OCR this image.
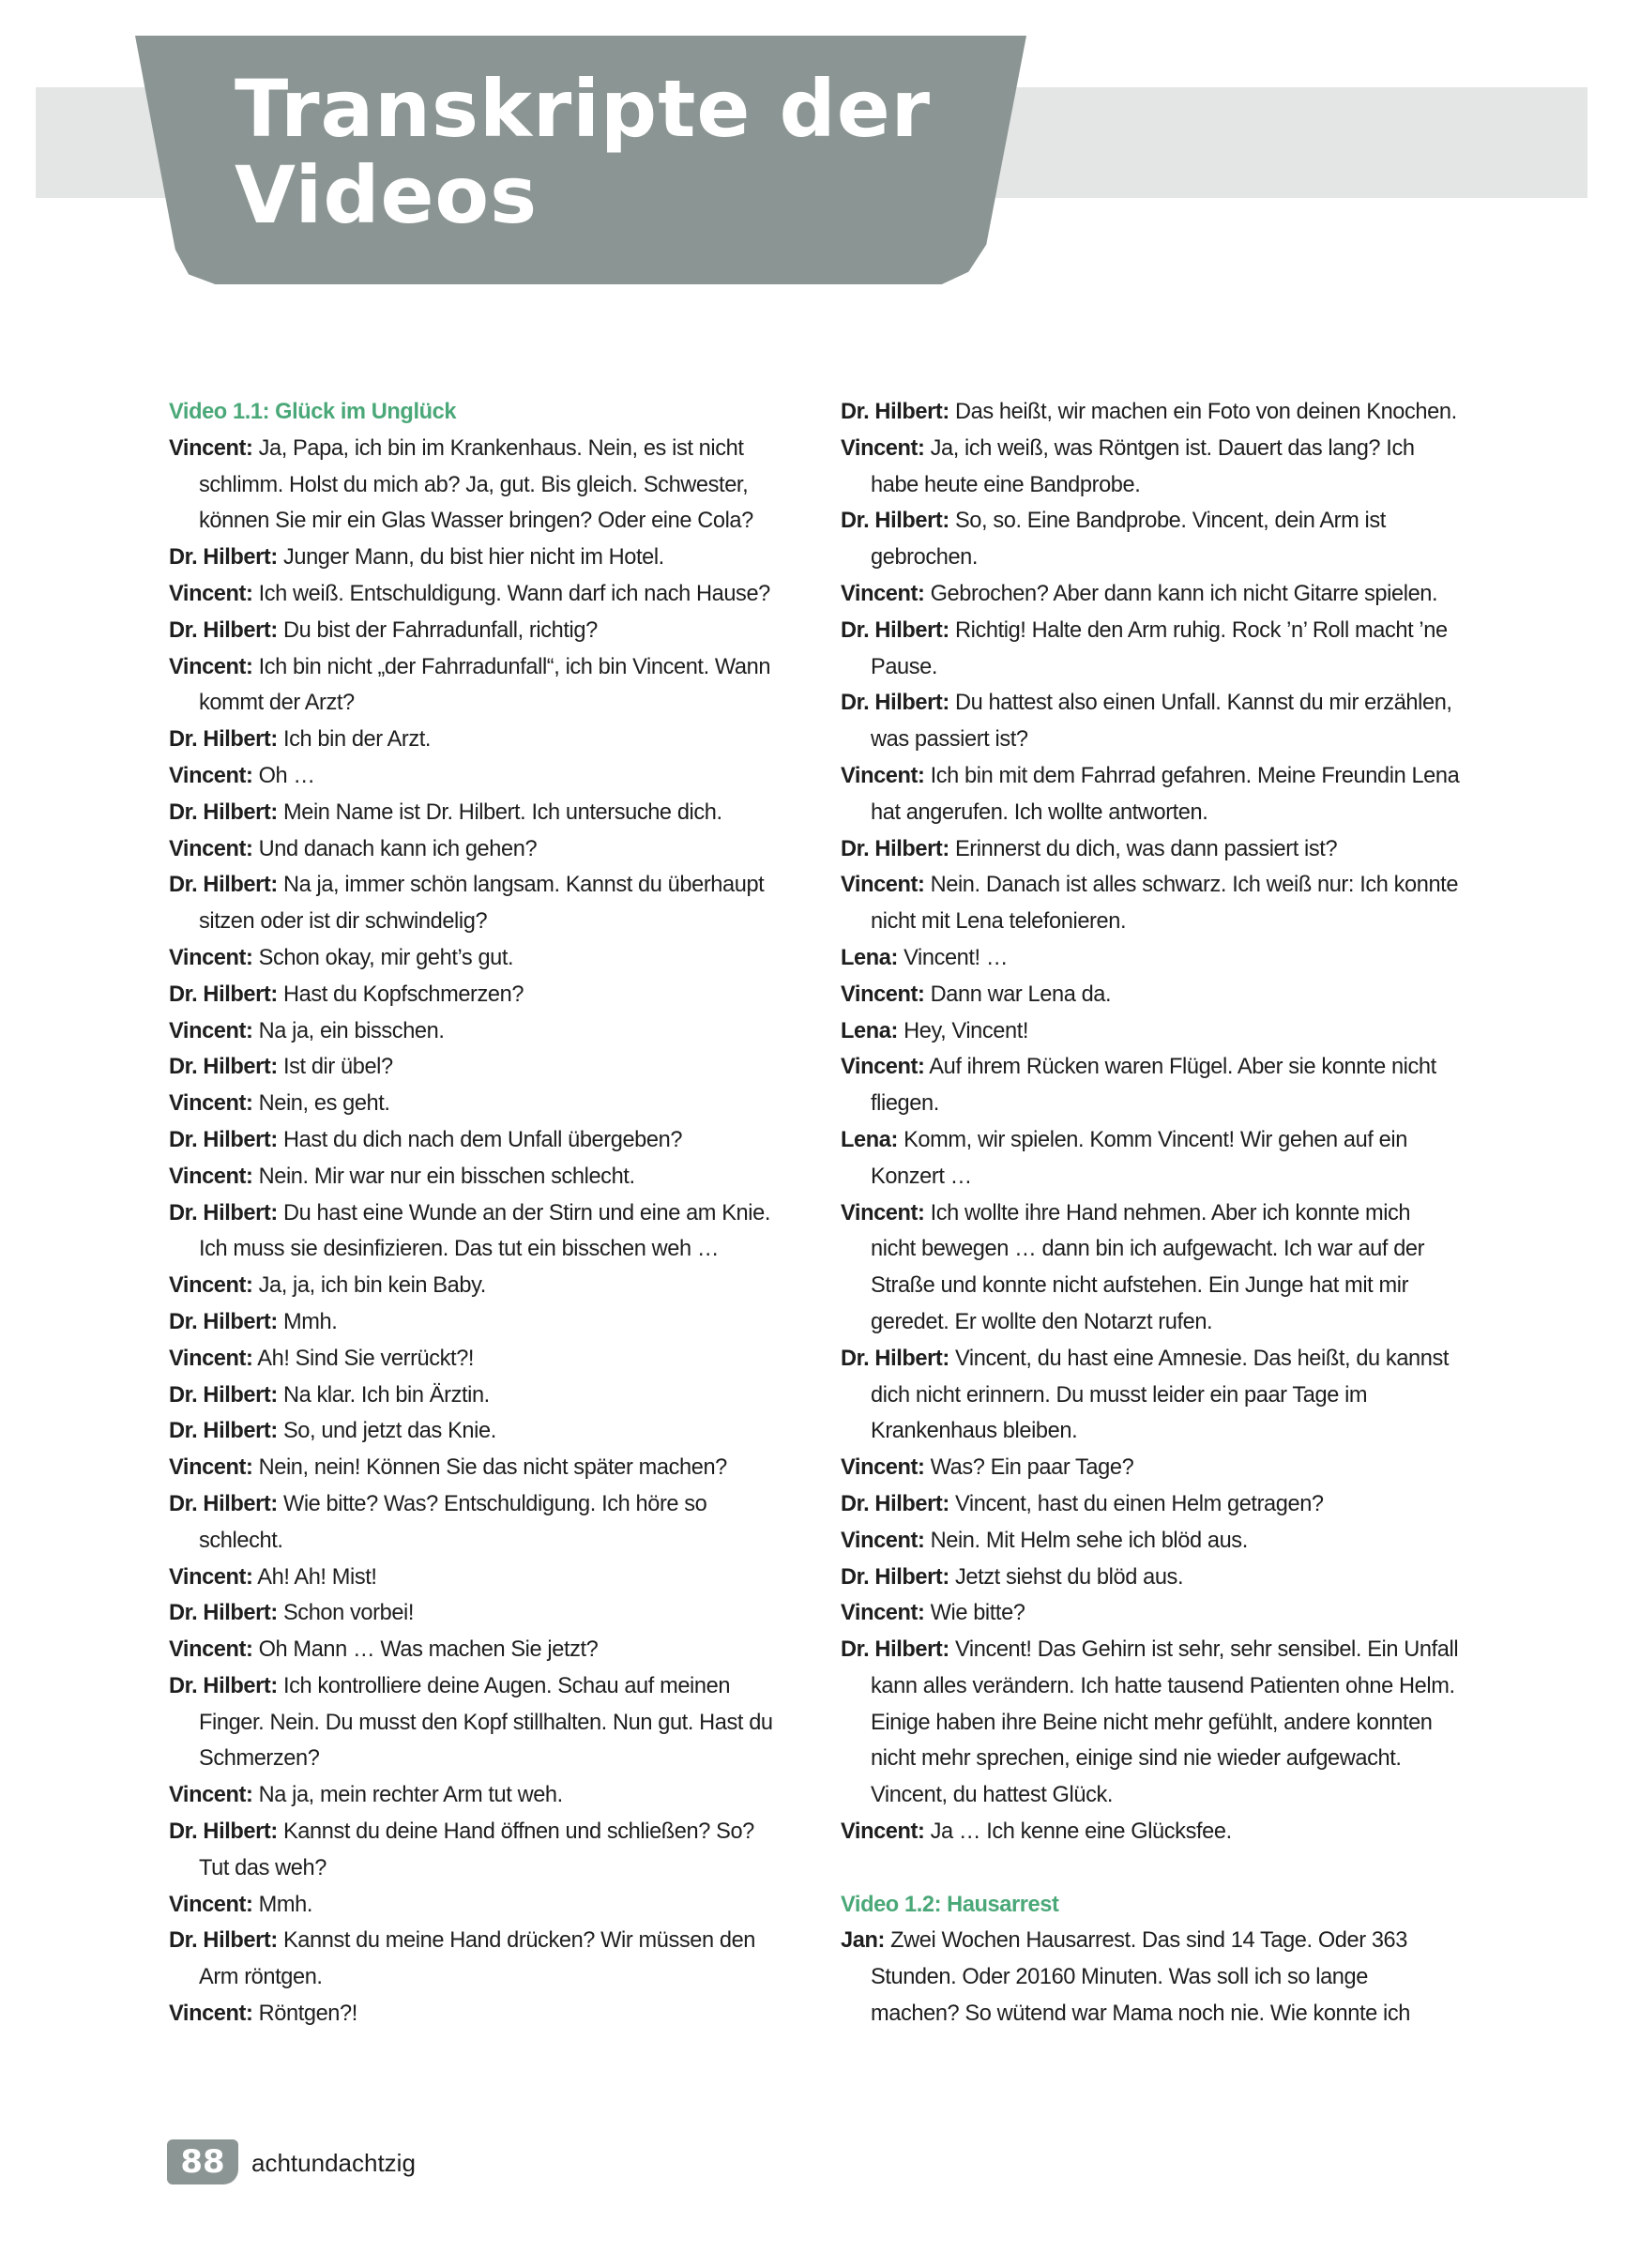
Transkripte der Videos

Video 1.1: Glück im Unglück

Vincent: Ja, Papa, ich bin im Krankenhaus. Nein, es ist nicht schlimm. Holst du mich ab? Ja, gut. Bis gleich. Schwester, können Sie mir ein Glas Wasser bringen? Oder eine Cola?

Dr. Hilbert: Junger Mann, du bist hier nicht im Hotel.

Vincent: Ich weiß. Entschuldigung. Wann darf ich nach Hause?

Dr. Hilbert: Du bist der Fahrradunfall, richtig?

Vincent: Ich bin nicht „der Fahrradunfall“, ich bin Vincent. Wann kommt der Arzt?

Dr. Hilbert: Ich bin der Arzt.

Vincent: Oh …

Dr. Hilbert: Mein Name ist Dr. Hilbert. Ich untersuche dich.

Vincent: Und danach kann ich gehen?

Dr. Hilbert: Na ja, immer schön langsam. Kannst du überhaupt sitzen oder ist dir schwindelig?

Vincent: Schon okay, mir geht’s gut.

Dr. Hilbert: Hast du Kopfschmerzen?

Vincent: Na ja, ein bisschen.

Dr. Hilbert: Ist dir übel?

Vincent: Nein, es geht.

Dr. Hilbert: Hast du dich nach dem Unfall übergeben?

Vincent: Nein. Mir war nur ein bisschen schlecht.

Dr. Hilbert: Du hast eine Wunde an der Stirn und eine am Knie. Ich muss sie desinfizieren. Das tut ein bisschen weh …

Vincent: Ja, ja, ich bin kein Baby.

Dr. Hilbert: Mmh.

Vincent: Ah! Sind Sie verrückt?!

Dr. Hilbert: Na klar. Ich bin Ärztin.

Dr. Hilbert: So, und jetzt das Knie.

Vincent: Nein, nein! Können Sie das nicht später machen?

Dr. Hilbert: Wie bitte? Was? Entschuldigung. Ich höre so schlecht.

Vincent: Ah! Ah! Mist!

Dr. Hilbert: Schon vorbei!

Vincent: Oh Mann … Was machen Sie jetzt?

Dr. Hilbert: Ich kontrolliere deine Augen. Schau auf meinen Finger. Nein. Du musst den Kopf stillhalten. Nun gut. Hast du Schmerzen?

Vincent: Na ja, mein rechter Arm tut weh.

Dr. Hilbert: Kannst du deine Hand öffnen und schließen? So? Tut das weh?

Vincent: Mmh.

Dr. Hilbert: Kannst du meine Hand drücken? Wir müssen den Arm röntgen.

Vincent: Röntgen?!

Dr. Hilbert: Das heißt, wir machen ein Foto von deinen Knochen.

Vincent: Ja, ich weiß, was Röntgen ist. Dauert das lang? Ich habe heute eine Bandprobe.

Dr. Hilbert: So, so. Eine Bandprobe. Vincent, dein Arm ist gebrochen.

Vincent: Gebrochen? Aber dann kann ich nicht Gitarre spielen.

Dr. Hilbert: Richtig! Halte den Arm ruhig. Rock ’n’ Roll macht ’ne Pause.

Dr. Hilbert: Du hattest also einen Unfall. Kannst du mir erzählen, was passiert ist?

Vincent: Ich bin mit dem Fahrrad gefahren. Meine Freundin Lena hat angerufen. Ich wollte antworten.

Dr. Hilbert: Erinnerst du dich, was dann passiert ist?

Vincent: Nein. Danach ist alles schwarz. Ich weiß nur: Ich konnte nicht mit Lena telefonieren.

Lena: Vincent! …

Vincent: Dann war Lena da.

Lena: Hey, Vincent!

Vincent: Auf ihrem Rücken waren Flügel. Aber sie konnte nicht fliegen.

Lena: Komm, wir spielen. Komm Vincent! Wir gehen auf ein Konzert …

Vincent: Ich wollte ihre Hand nehmen. Aber ich konnte mich nicht bewegen … dann bin ich aufgewacht. Ich war auf der Straße und konnte nicht aufstehen. Ein Junge hat mit mir geredet. Er wollte den Notarzt rufen.

Dr. Hilbert: Vincent, du hast eine Amnesie. Das heißt, du kannst dich nicht erinnern. Du musst leider ein paar Tage im Krankenhaus bleiben.

Vincent: Was? Ein paar Tage?

Dr. Hilbert: Vincent, hast du einen Helm getragen?

Vincent: Nein. Mit Helm sehe ich blöd aus.

Dr. Hilbert: Jetzt siehst du blöd aus.

Vincent: Wie bitte?

Dr. Hilbert: Vincent! Das Gehirn ist sehr, sehr sensibel. Ein Unfall kann alles verändern. Ich hatte tausend Patienten ohne Helm. Einige haben ihre Beine nicht mehr gefühlt, andere konnten nicht mehr sprechen, einige sind nie wieder aufgewacht. Vincent, du hattest Glück.

Vincent: Ja … Ich kenne eine Glücksfee.

Video 1.2: Hausarrest

Jan: Zwei Wochen Hausarrest. Das sind 14 Tage. Oder 363 Stunden. Oder 20160 Minuten. Was soll ich so lange machen? So wütend war Mama noch nie. Wie konnte ich

88	achtundachtzig
